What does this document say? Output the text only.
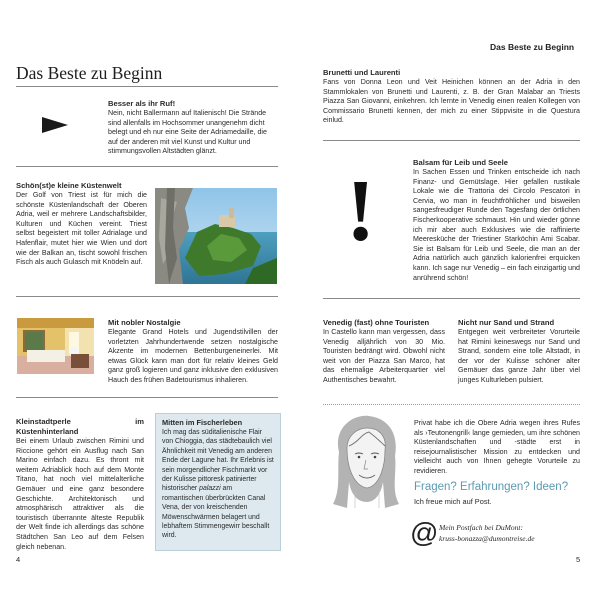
Das Beste zu Beginn
Besser als ihr Ruf!
Nein, nicht Ballermann auf Italienisch! Die Strände sind allenfalls im Hochsommer unangenehm dicht belegt und eh nur eine Seite der Adriamedaille, die auf der anderen mit viel Kunst und Kultur und stimmungsvollen Altstädten glänzt.
Schön(st)e kleine Küstenwelt
Der Golf von Triest ist für mich die schönste Küstenlandschaft der Oberen Adria, weil er mehrere Landschaftsbilder, Kulturen und Küchen vereint. Triest selbst begeistert mit toller Adrialage und Hafenflair, mutet hier wie Wien und dort wie der Balkan an, tischt sowohl frischen Fisch als auch Gulasch mit Knödeln auf.
Mit nobler Nostalgie
Elegante Grand Hotels und Jugendstilvillen der vorletzten Jahrhundertwende setzen nostalgische Akzente im modernen Bettenburgeneinerlei. Mit etwas Glück kann man dort für relativ kleines Geld ganz groß logieren und ganz inklusive den exklusiven Hauch des frühen Badetourismus inhalieren.
Kleinstadtperle im Küstenhinterland
Bei einem Urlaub zwischen Rimini und Riccione gehört ein Ausflug nach San Marino einfach dazu. Es thront mit weitem Adriablick hoch auf dem Monte Titano, hat noch viel mittelalterliche Gemäuer und eine ganz besondere Geschichte. Architektonisch und atmosphärisch attraktiver als die touristisch überrannte älteste Republik der Welt finde ich allerdings das schöne Städtchen San Leo auf dem Felsen gleich nebenan.
Mitten im Fischerleben
Ich mag das süditalienische Flair von Chioggia, das städtebaulich viel Ähnlichkeit mit Venedig am anderen Ende der Lagune hat. Ihr Erlebnis ist sein morgendlicher Fischmarkt vor der Kulisse pittoresk patinierter historischer palazzi am romantischen überbrückten Canal Vena, der von kreischenden Möwenschwärmen belagert und lebhaftem Stimmengewirr beschallt wird.
4
Das Beste zu Beginn
Brunetti und Laurenti
Fans von Donna Leon und Veit Heinichen können an der Adria in den Stammlokalen von Brunetti und Laurenti, z. B. der Gran Malabar an Triests Piazza San Giovanni, einkehren. Ich lernte in Venedig einen realen Kollegen von Commissario Brunetti kennen, der mich zu einer Stippvisite in die Questura einlud.
!
Balsam für Leib und Seele
In Sachen Essen und Trinken entscheide ich nach Finanz- und Gemütslage. Hier gefallen rustikale Lokale wie die Trattoria dei Circolo Pescatori in Cervia, wo man in feuchtfröhlicher und bisweilen sangesfreudiger Runde den Tagesfang der örtlichen Fischerkooperative schmaust. Hin und wieder gönne ich mir aber auch Exklusives wie die raffinierte Meeresküche der Triestiner Starköchin Ami Scabar. Sie ist Balsam für Leib und Seele, die man an der Adria natürlich auch gänzlich kalorienfrei erquicken kann. Ich sage nur Venedig – ein fach einzigartig und anrührend schön!
Venedig (fast) ohne Touristen
In Castello kann man vergessen, dass Venedig alljährlich von 30 Mio. Touristen bedrängt wird. Obwohl nicht weit von der Piazza San Marco, hat das ehemalige Arbeiterquartier viel Authentisches bewahrt.
Nicht nur Sand und Strand
Entgegen weit verbreiteter Vorurteile hat Rimini keineswegs nur Sand und Strand, sondern eine tolle Altstadt, in der vor der Kulisse schöner alter Gemäuer das ganze Jahr über viel junges Kulturleben pulsiert.
Privat habe ich die Obere Adria wegen ihres Rufes als ›Teutonengrill‹ lange gemieden, um ihre schönen Küstenlandschaften und -städte erst in reisejournalistischer Mission zu entdecken und vielleicht auch von Ihnen gehegte Vorurteile zu revidieren.
Fragen? Erfahrungen? Ideen?
Ich freue mich auf Post.
@ Mein Postfach bei DuMont:
kruss-bonazza@dumontreise.de
5
